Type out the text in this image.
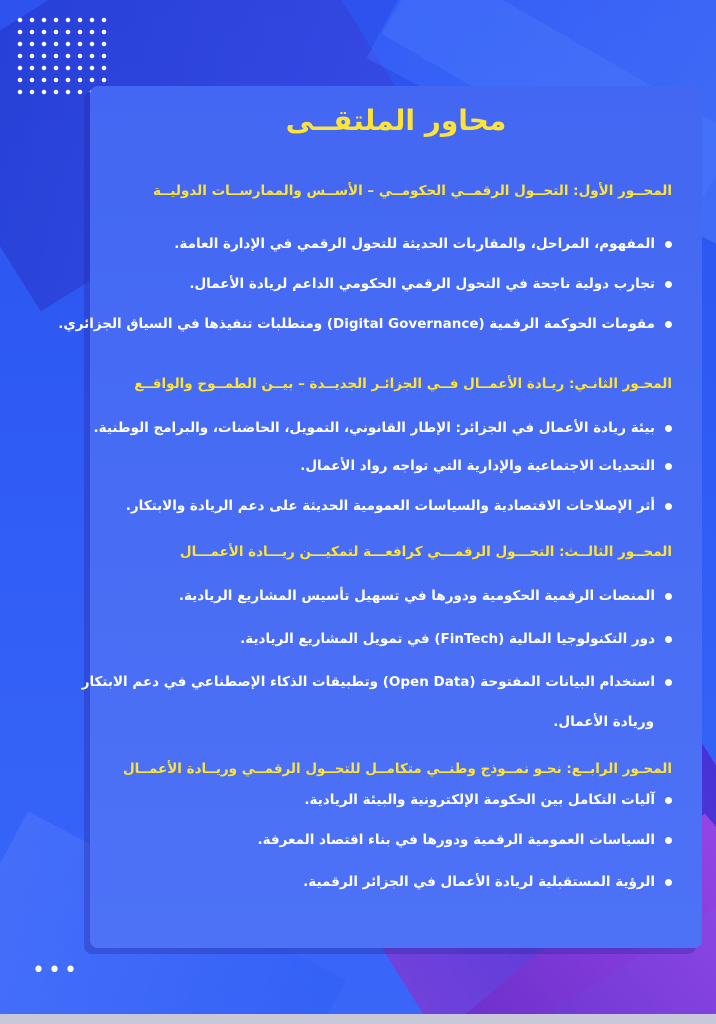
محاور الملتقــى
المحــور الأول: التحــول الرقمــي الحكومــي – الأســس والممارســات الدوليــة
المفهوم، المراحل، والمقاربات الحديثة للتحول الرقمي في الإدارة العامة.
تجارب دولية ناجحة في التحول الرقمي الحكومي الداعم لريادة الأعمال.
مقومات الحوكمة الرقمية (Digital Governance) ومتطلبات تنفيذها في السياق الجزائري.
المحـور الثانـي: ريـادة الأعمــال فــي الجزائـر الجديــدة – بيــن الطمــوح والواقــع
بيئة ريادة الأعمال في الجزائر: الإطار القانوني، التمويل، الحاضنات، والبرامج الوطنية.
التحديات الاجتماعية والإدارية التي تواجه رواد الأعمال.
أثر الإصلاحات الاقتصادية والسياسات العمومية الحديثة على دعم الريادة والابتكار.
المحــور الثالــث: التحـــول الرقمـــي كرافعـــة لتمكيـــن ريـــادة الأعمـــال
المنصات الرقمية الحكومية ودورها في تسهيل تأسيس المشاريع الريادية.
دور التكنولوجيا المالية (FinTech) في تمويل المشاريع الريادية.
استخدام البيانات المفتوحة (Open Data) وتطبيقات الذكاء الإصطناعي في دعم الابتكار
وريادة الأعمال.
المحـور الرابــع: نحـو نمــوذج وطنــي متكامــل للتحــول الرقمــي وريــادة الأعمــال
آليات التكامل بين الحكومة الإلكترونية والبيئة الريادية.
السياسات العمومية الرقمية ودورها في بناء اقتصاد المعرفة.
الرؤية المستقبلية لريادة الأعمال في الجزائر الرقمية.
•••
